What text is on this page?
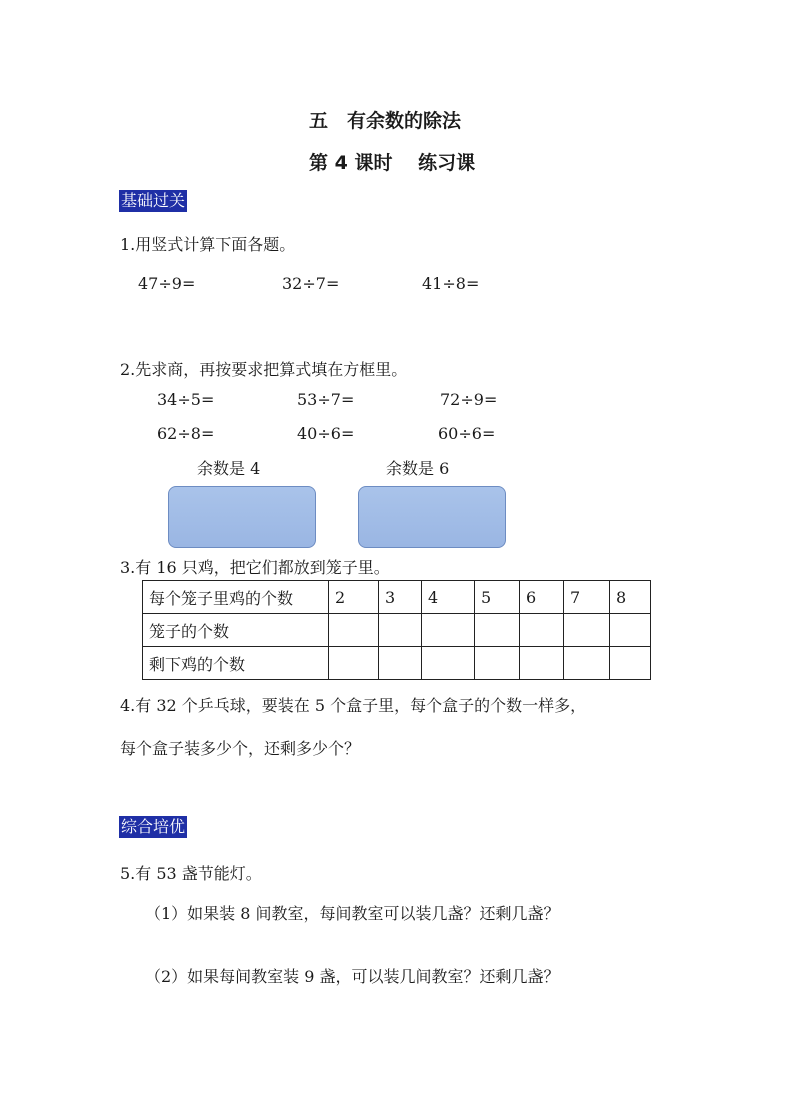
五　有余数的除法
第 4 课时　 练习课
基础过关
1.用竖式计算下面各题。
47÷9=	32÷7=	41÷8=
2.先求商，再按要求把算式填在方框里。
34÷5=	53÷7=	72÷9=
62÷8=	40÷6=	60÷6=
余数是 4	余数是 6
3.有 16 只鸡，把它们都放到笼子里。
每个笼子里鸡的个数	2	3	4	5	6	7	8
笼子的个数							
剩下鸡的个数							
4.有 32 个乒乓球，要装在 5 个盒子里，每个盒子的个数一样多，
每个盒子装多少个，还剩多少个？
综合培优
5.有 53 盏节能灯。
（1）如果装 8 间教室，每间教室可以装几盏？还剩几盏？
（2）如果每间教室装 9 盏，可以装几间教室？还剩几盏？
